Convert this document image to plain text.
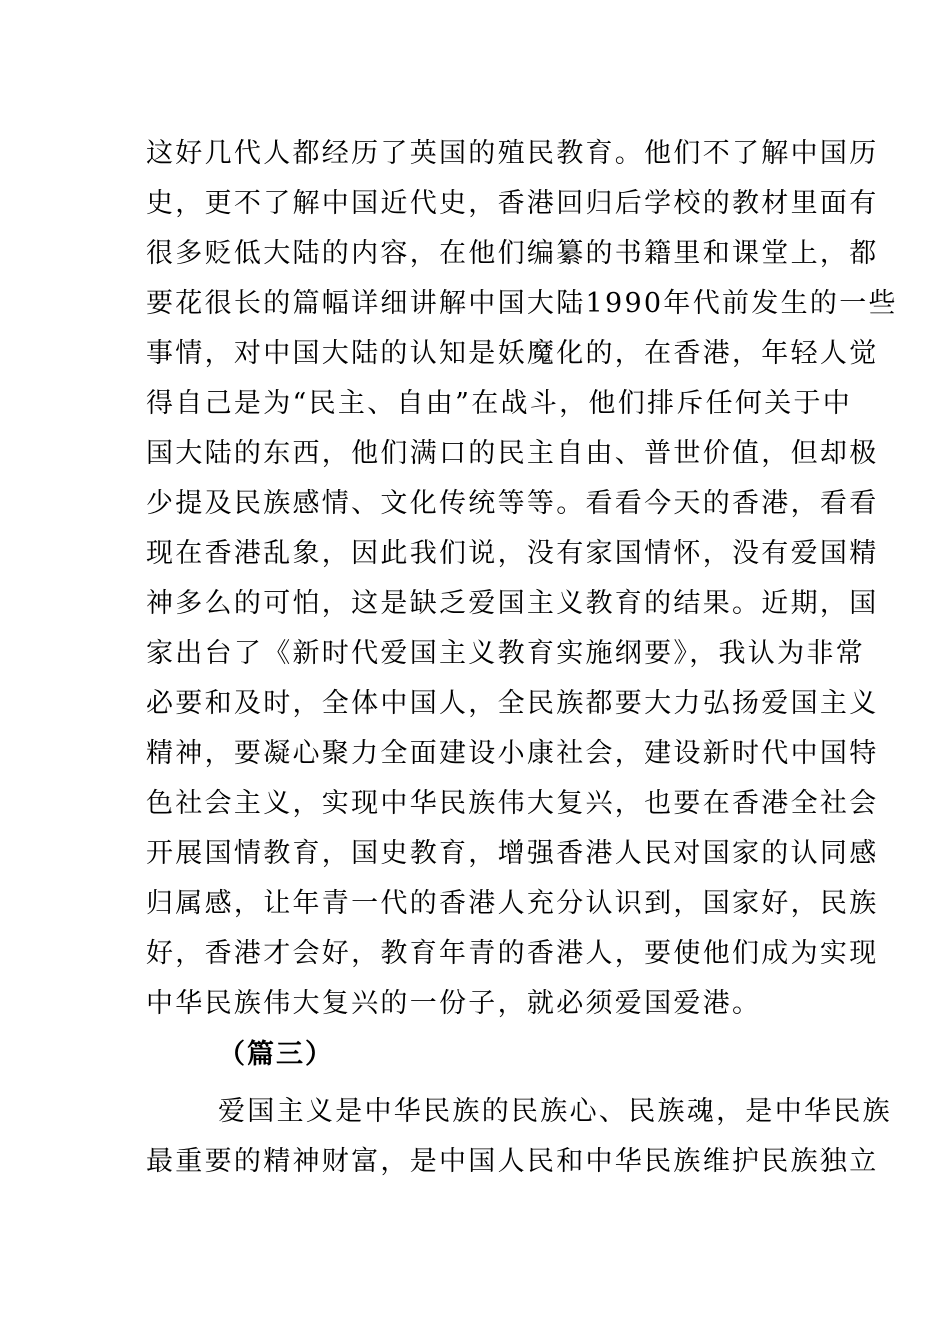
这好几代人都经历了英国的殖民教育。他们不了解中国历
史，更不了解中国近代史，香港回归后学校的教材里面有
很多贬低大陆的内容，在他们编纂的书籍里和课堂上，都
要花很长的篇幅详细讲解中国大陆1990年代前发生的一些
事情，对中国大陆的认知是妖魔化的，在香港，年轻人觉
得自己是为“民主、自由”在战斗，他们排斥任何关于中
国大陆的东西，他们满口的民主自由、普世价值，但却极
少提及民族感情、文化传统等等。看看今天的香港，看看
现在香港乱象，因此我们说，没有家国情怀，没有爱国精
神多么的可怕，这是缺乏爱国主义教育的结果。近期，国
家出台了《新时代爱国主义教育实施纲要》，我认为非常
必要和及时，全体中国人，全民族都要大力弘扬爱国主义
精神，要凝心聚力全面建设小康社会，建设新时代中国特
色社会主义，实现中华民族伟大复兴，也要在香港全社会
开展国情教育，国史教育，增强香港人民对国家的认同感
归属感，让年青一代的香港人充分认识到，国家好，民族
好，香港才会好，教育年青的香港人，要使他们成为实现
中华民族伟大复兴的一份子，就必须爱国爱港。
（篇三）
爱国主义是中华民族的民族心、民族魂，是中华民族
最重要的精神财富，是中国人民和中华民族维护民族独立
